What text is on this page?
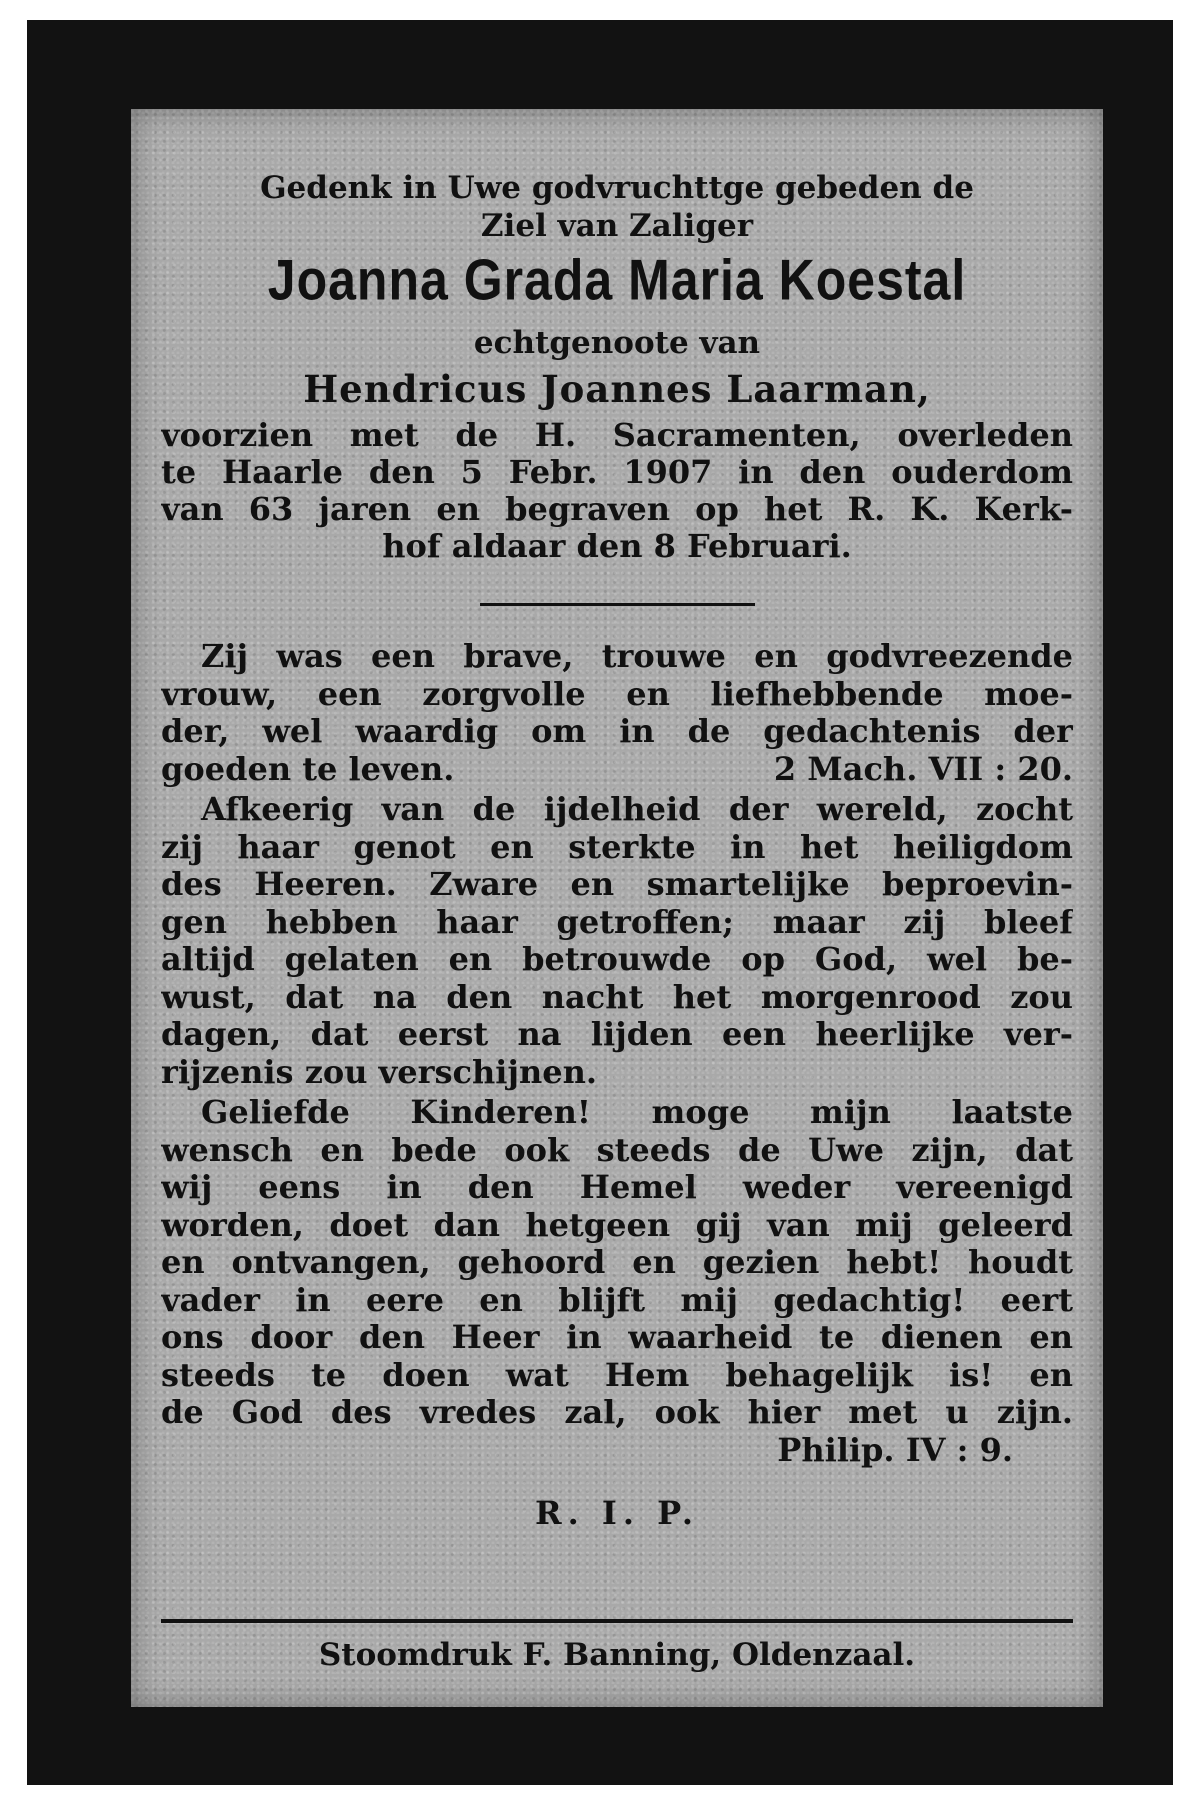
Gedenk in Uwe godvruchttge gebeden de
Ziel van Zaliger
Joanna Grada Maria Koestal
echtgenoote van
Hendricus Joannes Laarman,
voorzien met de H. Sacramenten, overleden
te Haarle den 5 Febr. 1907 in den ouderdom
van 63 jaren en begraven op het R. K. Kerk-
hof aldaar den 8 Februari.
Zij was een brave, trouwe en godvreezende
vrouw, een zorgvolle en liefhebbende moe-
der, wel waardig om in de gedachtenis der
goeden te leven.	2 Mach. VII : 20.
Afkeerig van de ijdelheid der wereld, zocht
zij haar genot en sterkte in het heiligdom
des Heeren. Zware en smartelijke beproevin-
gen hebben haar getroffen; maar zij bleef
altijd gelaten en betrouwde op God, wel be-
wust, dat na den nacht het morgenrood zou
dagen, dat eerst na lijden een heerlijke ver-
rijzenis zou verschijnen.
Geliefde Kinderen! moge mijn laatste
wensch en bede ook steeds de Uwe zijn, dat
wij eens in den Hemel weder vereenigd
worden, doet dan hetgeen gij van mij geleerd
en ontvangen, gehoord en gezien hebt! houdt
vader in eere en blijft mij gedachtig! eert
ons door den Heer in waarheid te dienen en
steeds te doen wat Hem behagelijk is! en
de God des vredes zal, ook hier met u zijn.
Philip. IV : 9.
R. I. P.
Stoomdruk F. Banning, Oldenzaal.
